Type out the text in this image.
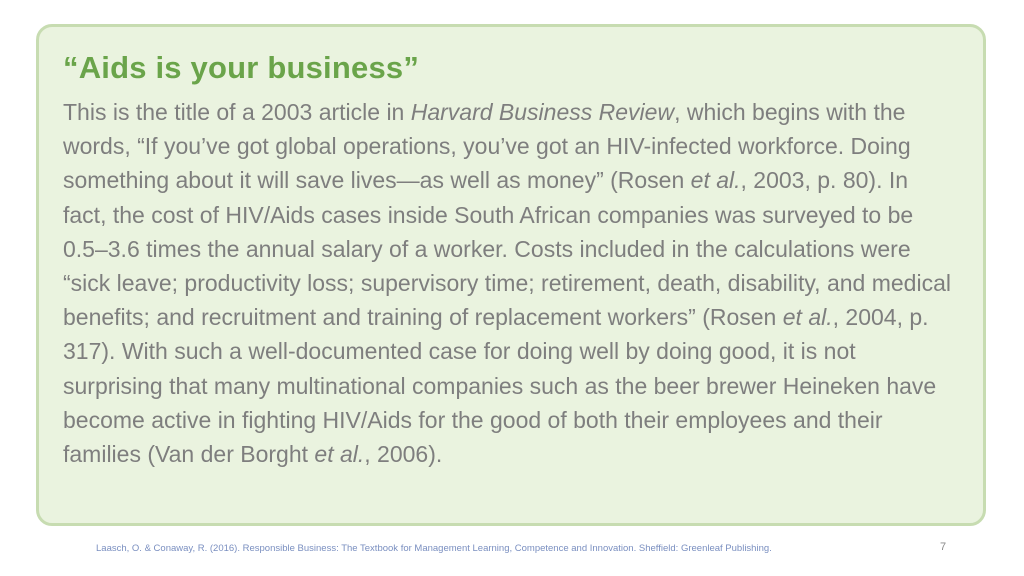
“Aids is your business”

This is the title of a 2003 article in Harvard Business Review, which begins with the words, “If you’ve got global operations, you’ve got an HIV-infected workforce. Doing something about it will save lives—as well as money” (Rosen et al., 2003, p. 80). In fact, the cost of HIV/Aids cases inside South African companies was surveyed to be 0.5–3.6 times the annual salary of a worker. Costs included in the calculations were “sick leave; productivity loss; supervisory time; retirement, death, disability, and medical benefits; and recruitment and training of replacement workers” (Rosen et al., 2004, p. 317). With such a well-documented case for doing well by doing good, it is not surprising that many multinational companies such as the beer brewer Heineken have become active in fighting HIV/Aids for the good of both their employees and their families (Van der Borght et al., 2006).

Laasch, O. & Conaway, R. (2016). Responsible Business: The Textbook for Management Learning, Competence and Innovation. Sheffield: Greenleaf Publishing.	7
